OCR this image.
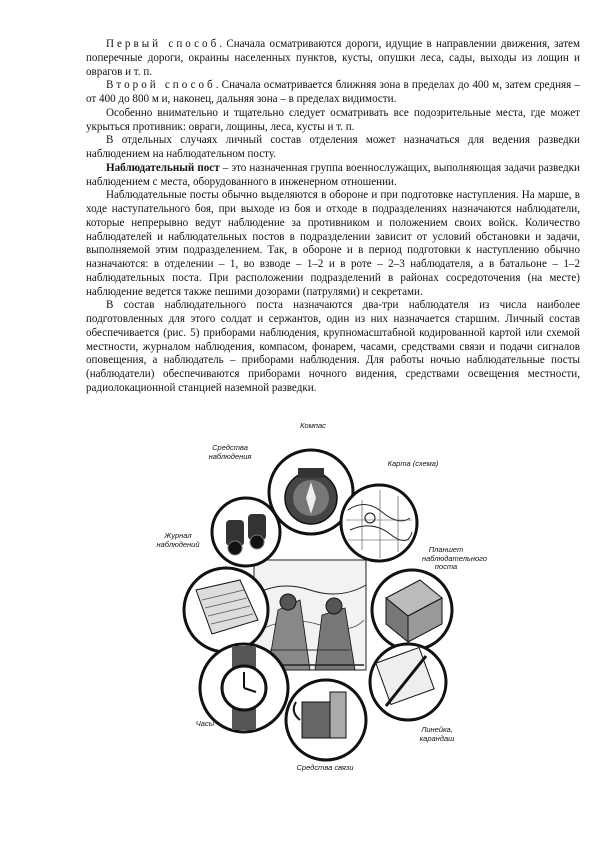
Первый способ. Сначала осматриваются дороги, идущие в направлении движения, затем поперечные дороги, окраины населенных пунктов, кусты, опушки леса, сады, выходы из лощин и оврагов и т. п.

Второй способ. Сначала осматривается ближняя зона в пределах до 400 м, затем средняя – от 400 до 800 м и, наконец, дальняя зона – в пределах видимости.

Особенно внимательно и тщательно следует осматривать все подозрительные места, где может укрыться противник: овраги, лощины, леса, кусты и т. п.

В отдельных случаях личный состав отделения может назначаться для ведения разведки наблюдением на наблюдательном посту.

Наблюдательный пост – это назначенная группа военнослужащих, выполняющая задачи разведки наблюдением с места, оборудованного в инженерном отношении.

Наблюдательные посты обычно выделяются в обороне и при подготовке наступления. На марше, в ходе наступательного боя, при выходе из боя и отходе в подразделениях назначаются наблюдатели, которые непрерывно ведут наблюдение за противником и положением своих войск. Количество наблюдателей и наблюдательных постов в подразделении зависит от условий обстановки и задачи, выполняемой этим подразделением. Так, в обороне и в период подготовки к наступлению обычно назначаются: в отделении – 1, во взводе – 1–2 и в роте – 2–3 наблюдателя, а в батальоне – 1–2 наблюдательных поста. При расположении подразделений в районах сосредоточения (на месте) наблюдение ведется также пешими дозорами (патрулями) и секретами.

В состав наблюдательного поста назначаются два-три наблюдателя из числа наиболее подготовленных для этого солдат и сержантов, один из них назначается старшим. Личный состав обеспечивается (рис. 5) приборами наблюдения, крупномасштабной кодированной картой или схемой местности, журналом наблюдения, компасом, фонарем, часами, средствами связи и подачи сигналов оповещения, а наблюдатель – приборами наблюдения. Для работы ночью наблюдательные посты (наблюдатели) обеспечиваются приборами ночного видения, средствами освещения местности, радиолокационной станцией наземной разведки.

Компас
Средства наблюдения
Карта (схема)
Планшет наблюдательного поста
Журнал наблюдений
Часы
Линейка, карандаш
Средства связи
